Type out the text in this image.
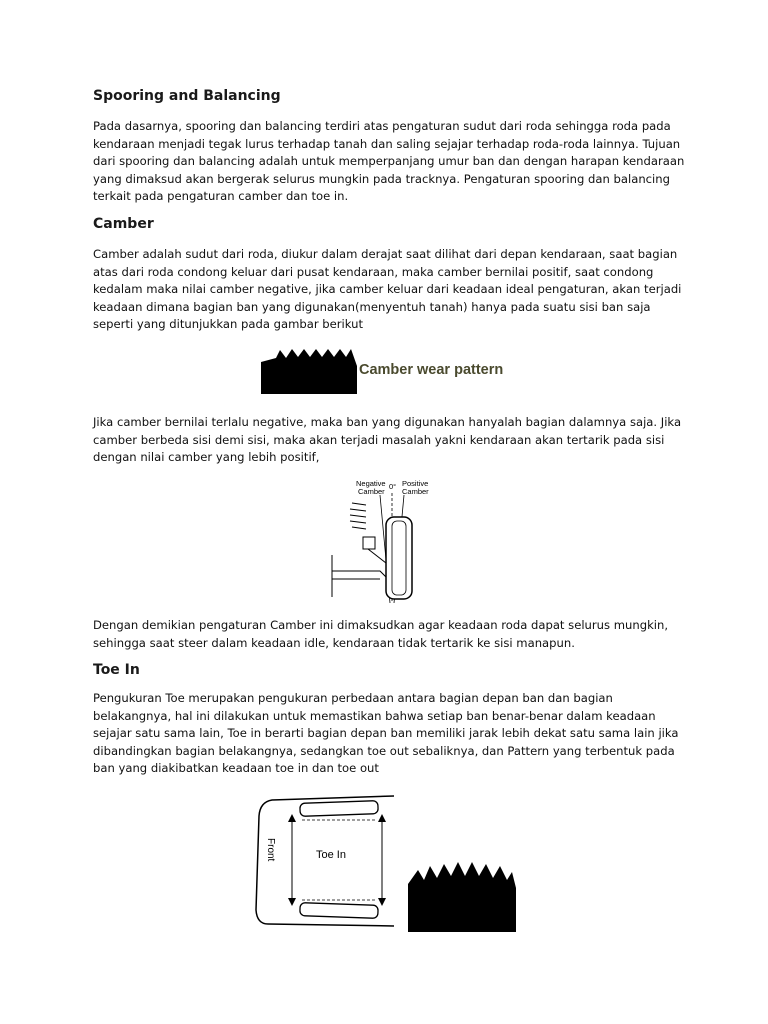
Spooring and Balancing
Pada dasarnya, spooring dan balancing terdiri atas pengaturan sudut dari roda sehingga roda pada
kendaraan menjadi tegak lurus terhadap tanah dan saling sejajar terhadap roda-roda lainnya. Tujuan
dari spooring dan balancing adalah untuk memperpanjang umur ban dan dengan harapan kendaraan
yang dimaksud akan bergerak selurus mungkin pada tracknya. Pengaturan spooring dan balancing
terkait pada pengaturan camber dan toe in.
Camber
Camber adalah sudut dari roda, diukur dalam derajat saat dilihat dari depan kendaraan, saat bagian
atas dari roda condong keluar dari pusat kendaraan, maka camber bernilai positif, saat condong
kedalam maka nilai camber negative, jika camber keluar dari keadaan ideal pengaturan, akan terjadi
keadaan dimana bagian ban yang digunakan(menyentuh tanah) hanya pada suatu sisi ban saja
seperti yang ditunjukkan pada gambar berikut
Camber wear pattern
Jika camber bernilai terlalu negative, maka ban yang digunakan hanyalah bagian dalamnya saja. Jika
camber berbeda sisi demi sisi, maka akan terjadi masalah yakni kendaraan akan tertarik pada sisi
dengan nilai camber yang lebih positif,
Negative
Camber
0° Positive
Camber
Dengan demikian pengaturan Camber ini dimaksudkan agar keadaan roda dapat selurus mungkin,
sehingga saat steer dalam keadaan idle, kendaraan tidak tertarik ke sisi manapun.
Toe In
Pengukuran Toe merupakan pengukuran perbedaan antara bagian depan ban dan bagian
belakangnya, hal ini dilakukan untuk memastikan bahwa setiap ban benar-benar dalam keadaan
sejajar satu sama lain, Toe in berarti bagian depan ban memiliki jarak lebih dekat satu sama lain jika
dibandingkan bagian belakangnya, sedangkan toe out sebaliknya, dan Pattern yang terbentuk pada
ban yang diakibatkan keadaan toe in dan toe out
Front	Toe In
